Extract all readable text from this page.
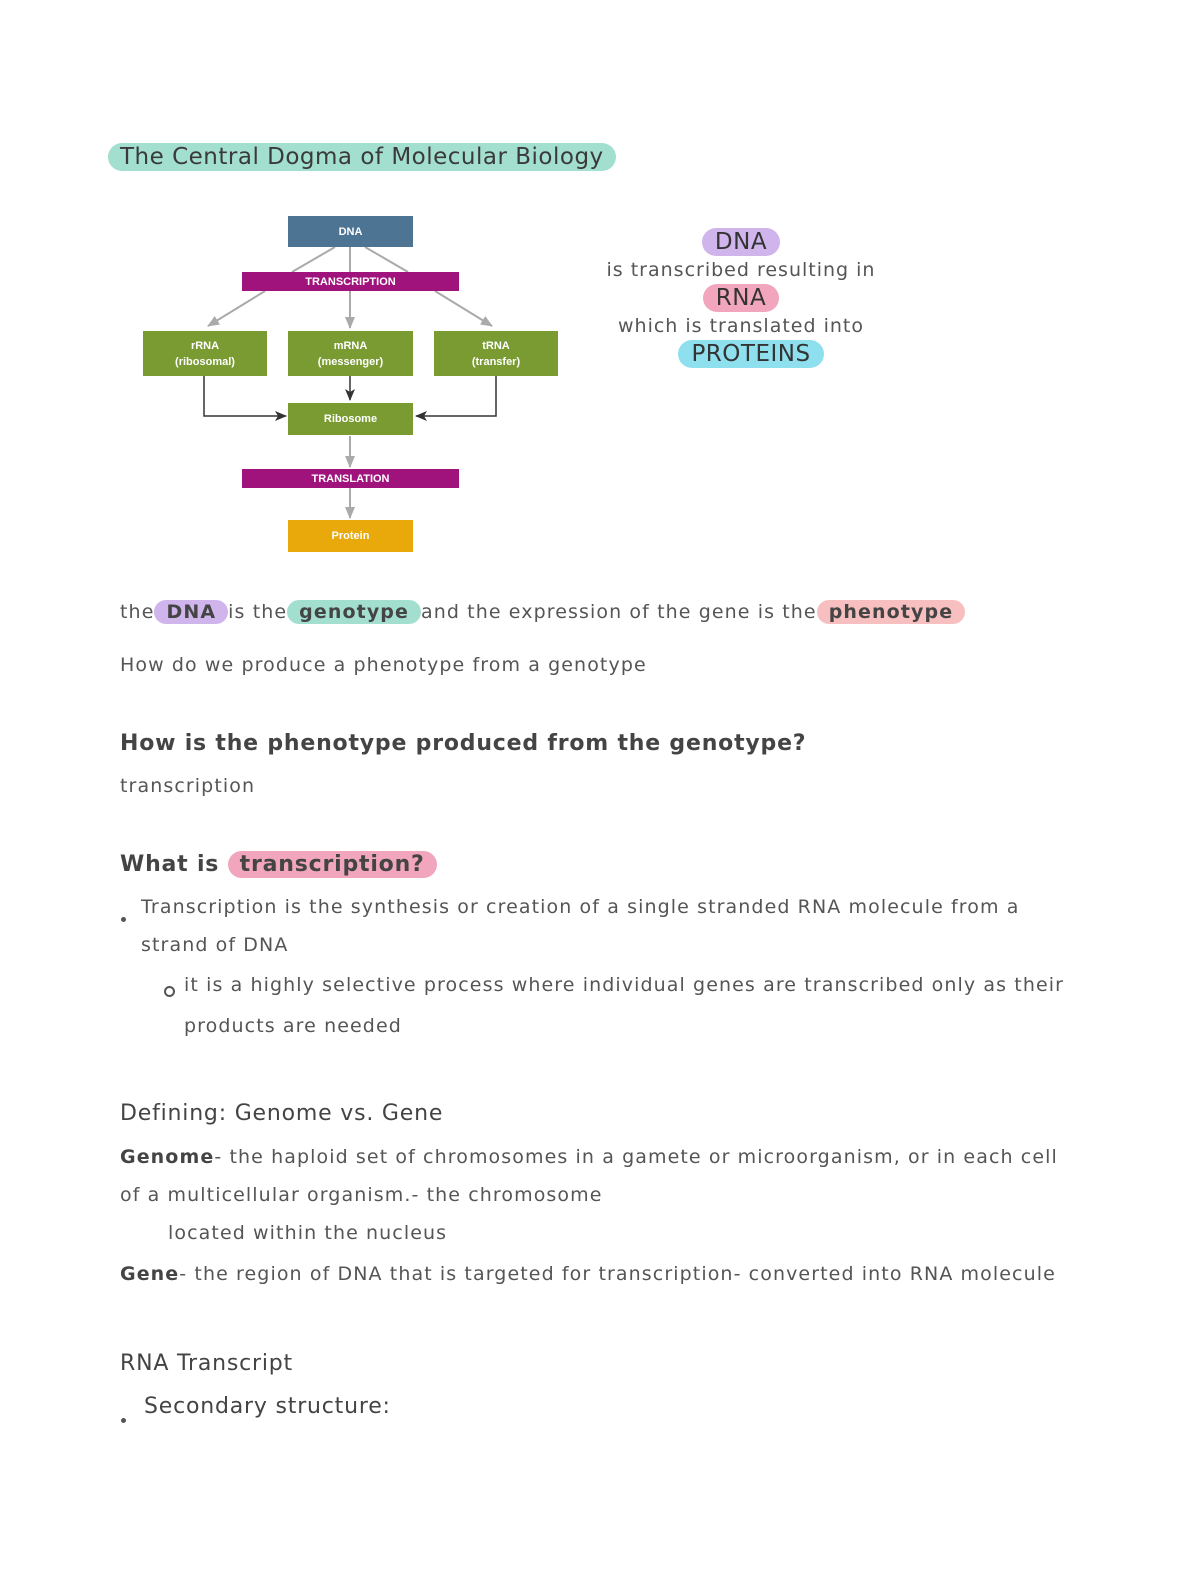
The Central Dogma of Molecular Biology
DNA
TRANSCRIPTION
rRNA
(ribosomal)
mRNA
(messenger)
tRNA
(transfer)
Ribosome
TRANSLATION
Protein
DNA
is transcribed resulting in
RNA
which is translated into
PROTEINS
the DNA is the genotype and the expression of the gene is the phenotype
How do we produce a phenotype from a genotype
How is the phenotype produced from the genotype?
transcription
What is transcription?
Transcription is the synthesis or creation of a single stranded RNA molecule from a
strand of DNA
it is a highly selective process where individual genes are transcribed only as their
products are needed
Defining: Genome vs. Gene
Genome- the haploid set of chromosomes in a gamete or microorganism, or in each cell
of a multicellular organism.- the chromosome
located within the nucleus
Gene- the region of DNA that is targeted for transcription- converted into RNA molecule
RNA Transcript
Secondary structure:
